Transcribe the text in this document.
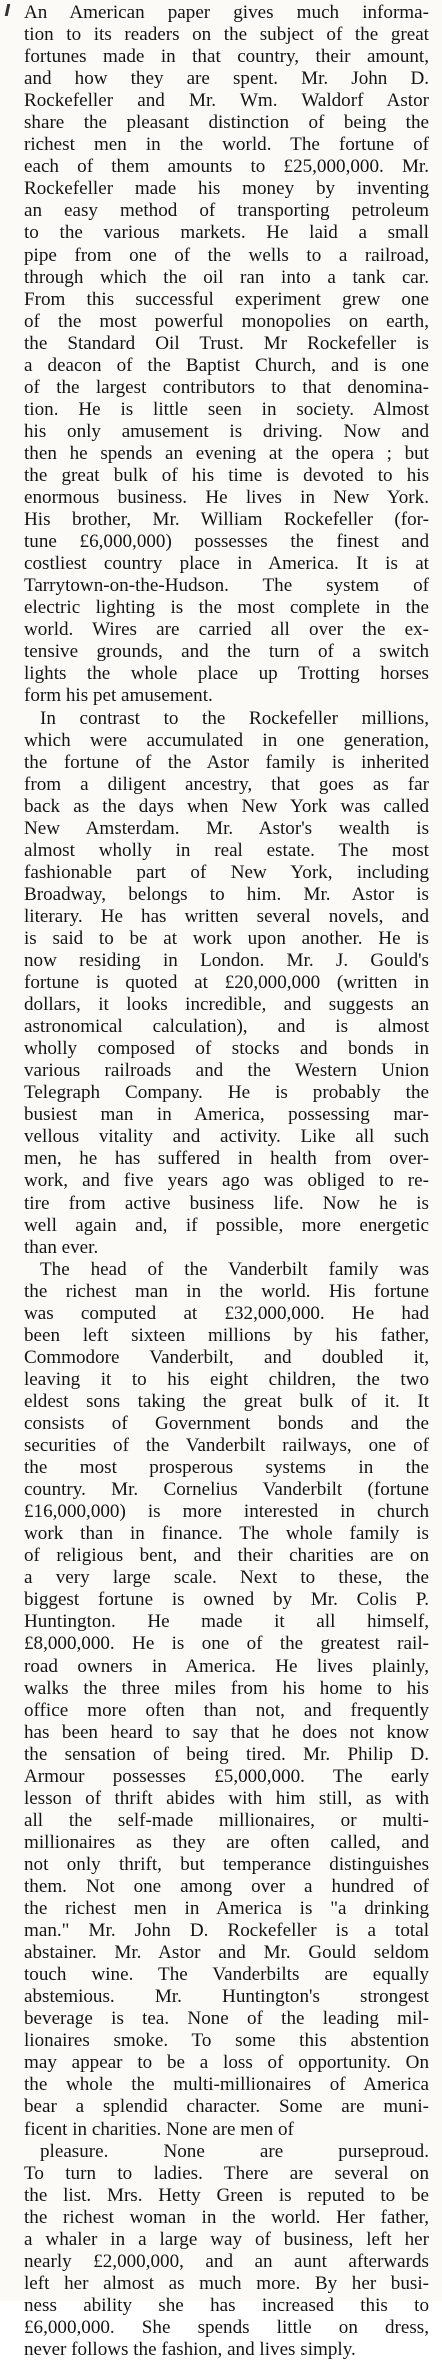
An American paper gives much informa-
tion to its readers on the subject of the great
fortunes made in that country, their amount,
and how they are spent. Mr. John D.
Rockefeller and Mr. Wm. Waldorf Astor
share the pleasant distinction of being the
richest men in the world. The fortune of
each of them amounts to £25,000,000. Mr.
Rockefeller made his money by inventing
an easy method of transporting petroleum
to the various markets. He laid a small
pipe from one of the wells to a railroad,
through which the oil ran into a tank car.
From this successful experiment grew one
of the most powerful monopolies on earth,
the Standard Oil Trust. Mr Rockefeller is
a deacon of the Baptist Church, and is one
of the largest contributors to that denomina-
tion. He is little seen in society. Almost
his only amusement is driving. Now and
then he spends an evening at the opera ; but
the great bulk of his time is devoted to his
enormous business. He lives in New York.
His brother, Mr. William Rockefeller (for-
tune £6,000,000) possesses the finest and
costliest country place in America. It is at
Tarrytown-on-the-Hudson. The system of
electric lighting is the most complete in the
world. Wires are carried all over the ex-
tensive grounds, and the turn of a switch
lights the whole place up Trotting horses
form his pet amusement.
In contrast to the Rockefeller millions,
which were accumulated in one generation,
the fortune of the Astor family is inherited
from a diligent ancestry, that goes as far
back as the days when New York was called
New Amsterdam. Mr. Astor's wealth is
almost wholly in real estate. The most
fashionable part of New York, including
Broadway, belongs to him. Mr. Astor is
literary. He has written several novels, and
is said to be at work upon another. He is
now residing in London. Mr. J. Gould's
fortune is quoted at £20,000,000 (written in
dollars, it looks incredible, and suggests an
astronomical calculation), and is almost
wholly composed of stocks and bonds in
various railroads and the Western Union
Telegraph Company. He is probably the
busiest man in America, possessing mar-
vellous vitality and activity. Like all such
men, he has suffered in health from over-
work, and five years ago was obliged to re-
tire from active business life. Now he is
well again and, if possible, more energetic
than ever.
The head of the Vanderbilt family was
the richest man in the world. His fortune
was computed at £32,000,000. He had
been left sixteen millions by his father,
Commodore Vanderbilt, and doubled it,
leaving it to his eight children, the two
eldest sons taking the great bulk of it. It
consists of Government bonds and the
securities of the Vanderbilt railways, one of
the most prosperous systems in the
country. Mr. Cornelius Vanderbilt (fortune
£16,000,000) is more interested in church
work than in finance. The whole family is
of religious bent, and their charities are on
a very large scale. Next to these, the
biggest fortune is owned by Mr. Colis P.
Huntington. He made it all himself,
£8,000,000. He is one of the greatest rail-
road owners in America. He lives plainly,
walks the three miles from his home to his
office more often than not, and frequently
has been heard to say that he does not know
the sensation of being tired. Mr. Philip D.
Armour possesses £5,000,000. The early
lesson of thrift abides with him still, as with
all the self-made millionaires, or multi-
millionaires as they are often called, and
not only thrift, but temperance distinguishes
them. Not one among over a hundred of
the richest men in America is "a drinking
man." Mr. John D. Rockefeller is a total
abstainer. Mr. Astor and Mr. Gould seldom
touch wine. The Vanderbilts are equally
abstemious. Mr. Huntington's strongest
beverage is tea. None of the leading mil-
lionaires smoke. To some this abstention
may appear to be a loss of opportunity. On
the whole the multi-millionaires of America
bear a splendid character. Some are muni-
ficent in charities. None are men of
pleasure. None are purseproud.
To turn to ladies. There are several on
the list. Mrs. Hetty Green is reputed to be
the richest woman in the world. Her father,
a whaler in a large way of business, left her
nearly £2,000,000, and an aunt afterwards
left her almost as much more. By her busi-
ness ability she has increased this to
£6,000,000. She spends little on dress,
never follows the fashion, and lives simply.
